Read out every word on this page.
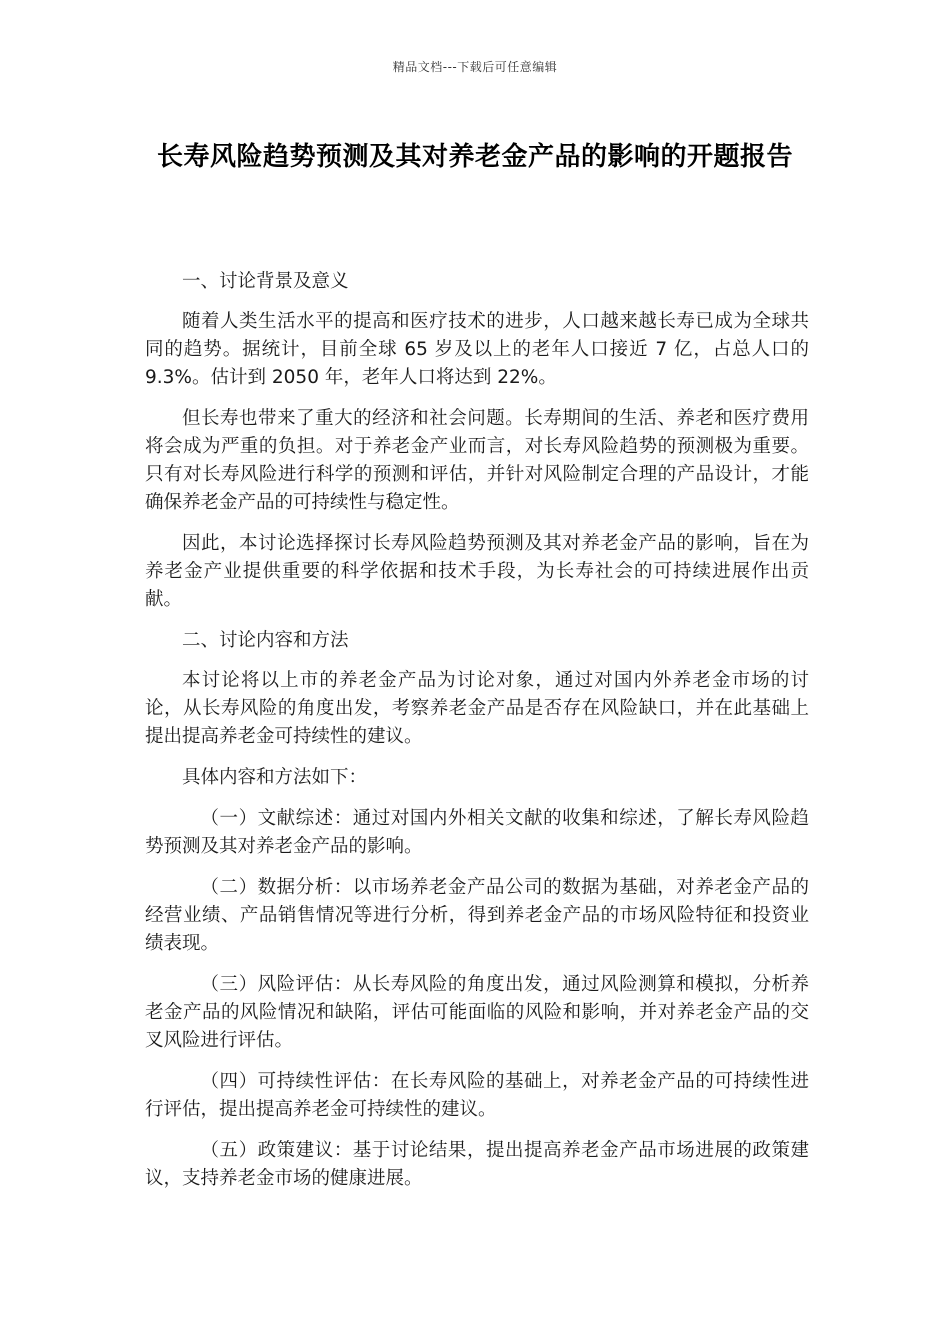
精品文档---下载后可任意编辑
长寿风险趋势预测及其对养老金产品的影响的开题报告

一、讨论背景及意义

随着人类生活水平的提高和医疗技术的进步，人口越来越长寿已成为全球共同的趋势。据统计，目前全球 65 岁及以上的老年人口接近 7 亿，占总人口的 9.3%。估计到 2050 年，老年人口将达到 22%。

但长寿也带来了重大的经济和社会问题。长寿期间的生活、养老和医疗费用将会成为严重的负担。对于养老金产业而言，对长寿风险趋势的预测极为重要。只有对长寿风险进行科学的预测和评估，并针对风险制定合理的产品设计，才能确保养老金产品的可持续性与稳定性。

因此，本讨论选择探讨长寿风险趋势预测及其对养老金产品的影响，旨在为养老金产业提供重要的科学依据和技术手段，为长寿社会的可持续进展作出贡献。

二、讨论内容和方法

本讨论将以上市的养老金产品为讨论对象，通过对国内外养老金市场的讨论，从长寿风险的角度出发，考察养老金产品是否存在风险缺口，并在此基础上提出提高养老金可持续性的建议。

具体内容和方法如下：

（一）文献综述：通过对国内外相关文献的收集和综述，了解长寿风险趋势预测及其对养老金产品的影响。

（二）数据分析：以市场养老金产品公司的数据为基础，对养老金产品的经营业绩、产品销售情况等进行分析，得到养老金产品的市场风险特征和投资业绩表现。

（三）风险评估：从长寿风险的角度出发，通过风险测算和模拟，分析养老金产品的风险情况和缺陷，评估可能面临的风险和影响，并对养老金产品的交叉风险进行评估。

（四）可持续性评估：在长寿风险的基础上，对养老金产品的可持续性进行评估，提出提高养老金可持续性的建议。

（五）政策建议：基于讨论结果，提出提高养老金产品市场进展的政策建议，支持养老金市场的健康进展。
